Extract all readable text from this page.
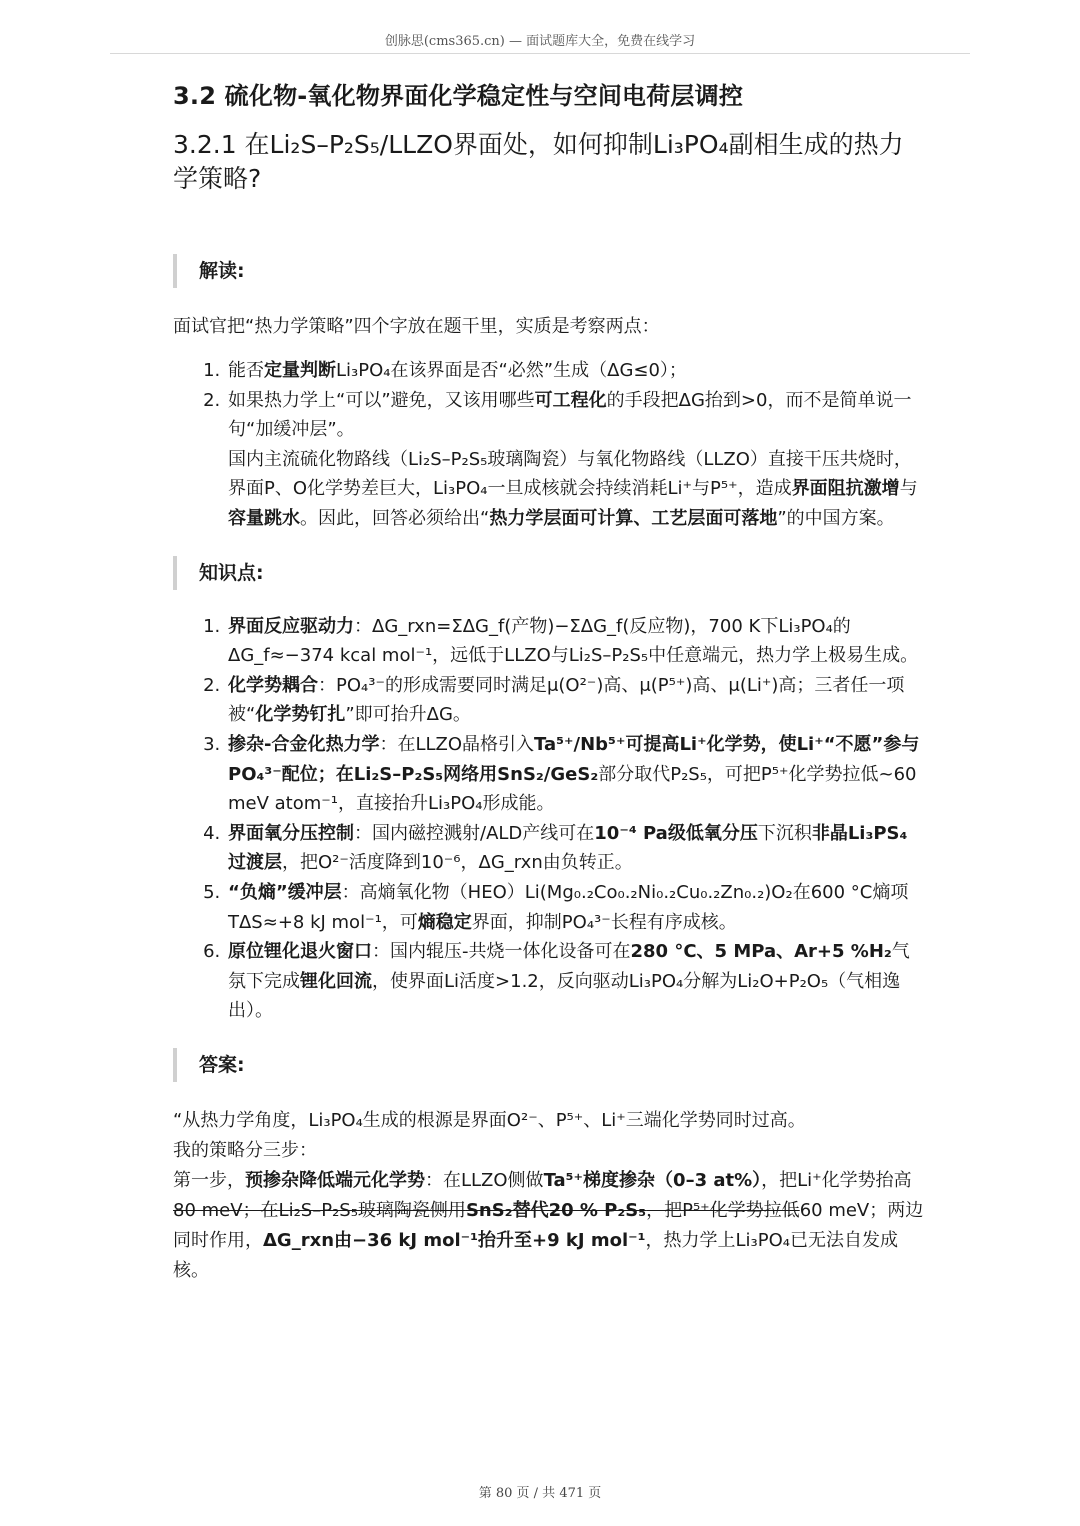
创脉思(cms365.cn) — 面试题库大全，免费在线学习
3.2 硫化物-氧化物界面化学稳定性与空间电荷层调控
3.2.1 在Li₂S–P₂S₅/LLZO界面处，如何抑制Li₃PO₄副相生成的热力学策略?
解读:

面试官把“热力学策略”四个字放在题干里，实质是考察两点：

1. 能否定量判断Li₃PO₄在该界面是否“必然”生成（ΔG≤0）；
2. 如果热力学上“可以”避免，又该用哪些可工程化的手段把ΔG抬到>0，而不是简单说一句“加缓冲层”。
国内主流硫化物路线（Li₂S–P₂S₅玻璃陶瓷）与氧化物路线（LLZO）直接干压共烧时，界面P、O化学势差巨大，Li₃PO₄一旦成核就会持续消耗Li⁺与P⁵⁺，造成界面阻抗激增与容量跳水。因此，回答必须给出“热力学层面可计算、工艺层面可落地”的中国方案。
知识点:
1. 界面反应驱动力：ΔG_rxn=ΣΔG_f(产物)−ΣΔG_f(反应物)，700 K下Li₃PO₄的ΔG_f≈−374 kcal mol⁻¹，远低于LLZO与Li₂S–P₂S₅中任意端元，热力学上极易生成。
2. 化学势耦合：PO₄³⁻的形成需要同时满足μ(O²⁻)高、μ(P⁵⁺)高、μ(Li⁺)高；三者任一项被“化学势钉扎”即可抬升ΔG。
3. 掺杂-合金化热力学：在LLZO晶格引入Ta⁵⁺/Nb⁵⁺可提高Li⁺化学势，使Li⁺“不愿”参与PO₄³⁻配位；在Li₂S–P₂S₅网络用SnS₂/GeS₂部分取代P₂S₅，可把P⁵⁺化学势拉低~60 meV atom⁻¹，直接抬升Li₃PO₄形成能。
4. 界面氧分压控制：国内磁控溅射/ALD产线可在10⁻⁴ Pa级低氧分压下沉积非晶Li₃PS₄过渡层，把O²⁻活度降到10⁻⁶，ΔG_rxn由负转正。
5. “负熵”缓冲层：高熵氧化物（HEO）Li(Mg₀.₂Co₀.₂Ni₀.₂Cu₀.₂Zn₀.₂)O₂在600 °C熵项TΔS≈+8 kJ mol⁻¹，可熵稳定界面，抑制PO₄³⁻长程有序成核。
6. 原位锂化退火窗口：国内辊压-共烧一体化设备可在280 °C、5 MPa、Ar+5 %H₂气氛下完成锂化回流，使界面Li活度>1.2，反向驱动Li₃PO₄分解为Li₂O+P₂O₅（气相逸出）。
答案:

“从热力学角度，Li₃PO₄生成的根源是界面O²⁻、P⁵⁺、Li⁺三端化学势同时过高。

我的策略分三步：

第一步，预掺杂降低端元化学势：在LLZO侧做Ta⁵⁺梯度掺杂（0–3 at%），把Li⁺化学势抬高80 meV；在Li₂S–P₂S₅玻璃陶瓷侧用SnS₂替代20 % P₂S₅，把P⁵⁺化学势拉低60 meV；两边同时作用，ΔG_rxn由−36 kJ mol⁻¹抬升至+9 kJ mol⁻¹，热力学上Li₃PO₄已无法自发成核。

第 80 页 / 共 471 页
